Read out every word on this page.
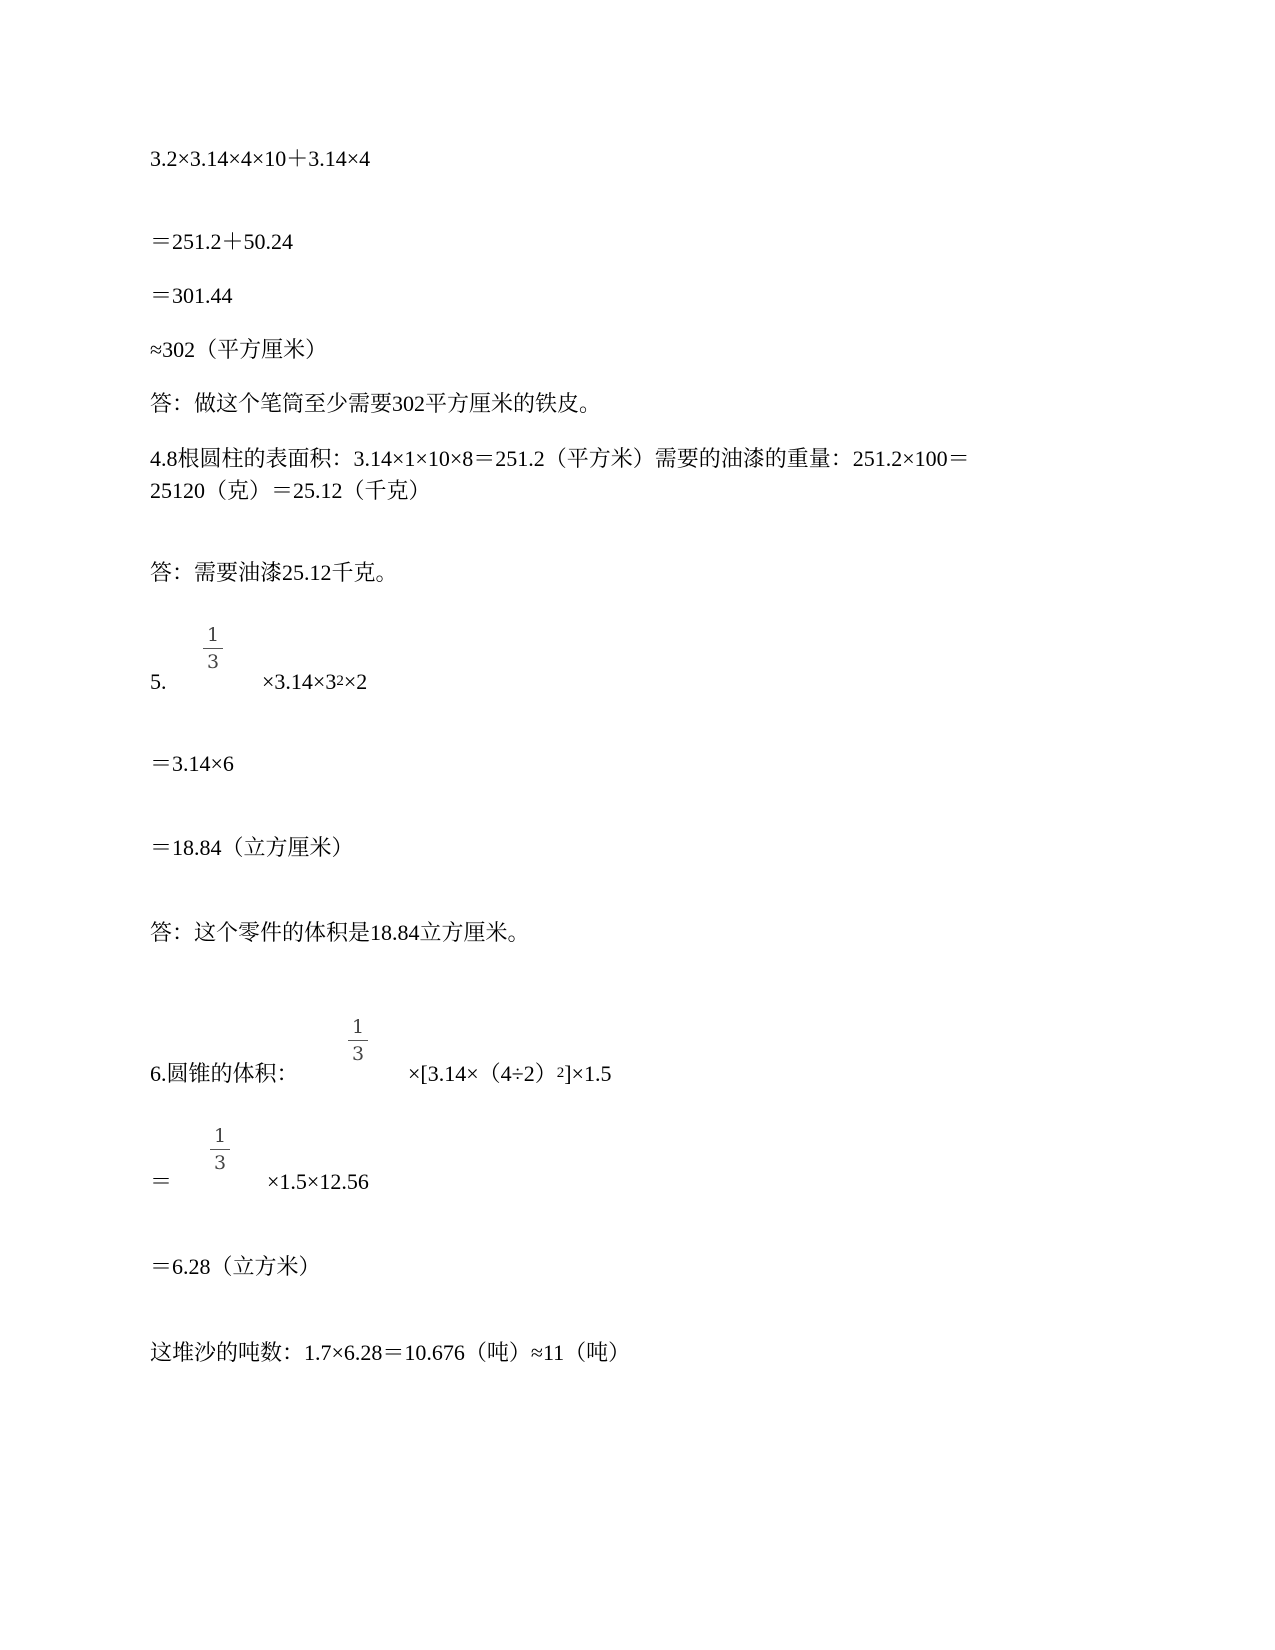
3.2×3.14×4×10＋3.14×4
＝251.2＋50.24
＝301.44
≈302（平方厘米）
答：做这个笔筒至少需要302平方厘米的铁皮。
4.8根圆柱的表面积：3.14×1×10×8＝251.2（平方米）需要的油漆的重量：251.2×100＝
25120（克）＝25.12（千克）
答：需要油漆25.12千克。
1
3
5.	$\times 3.14\times 3^2\times 2$
＝3.14×6
＝18.84（立方厘米）
答：这个零件的体积是18.84立方厘米。
1
3
6.圆锥的体积：	$\times[3.14\times(4\div 2)^2]\times 1.5$
1
3
＝	×1.5×12.56
＝6.28（立方米）
这堆沙的吨数：1.7×6.28＝10.676（吨）≈11（吨）
